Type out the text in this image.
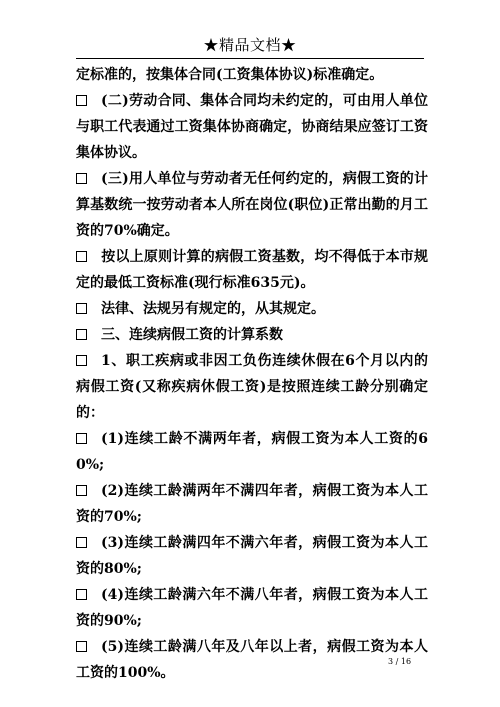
★精品文档★

定标准的，按集体合同(工资集体协议)标准确定。

(二)劳动合同、集体合同均未约定的，可由用人单位与职工代表通过工资集体协商确定，协商结果应签订工资集体协议。

(三)用人单位与劳动者无任何约定的，病假工资的计算基数统一按劳动者本人所在岗位(职位)正常出勤的月工资的70%确定。

按以上原则计算的病假工资基数，均不得低于本市规定的最低工资标准(现行标准635元)。

法律、法规另有规定的，从其规定。

三、连续病假工资的计算系数

1、职工疾病或非因工负伤连续休假在6个月以内的病假工资(又称疾病休假工资)是按照连续工龄分别确定的：

(1)连续工龄不满两年者，病假工资为本人工资的60%;

(2)连续工龄满两年不满四年者，病假工资为本人工资的70%;

(3)连续工龄满四年不满六年者，病假工资为本人工资的80%;

(4)连续工龄满六年不满八年者，病假工资为本人工资的90%;

(5)连续工龄满八年及八年以上者，病假工资为本人工资的100%。

3 / 16
